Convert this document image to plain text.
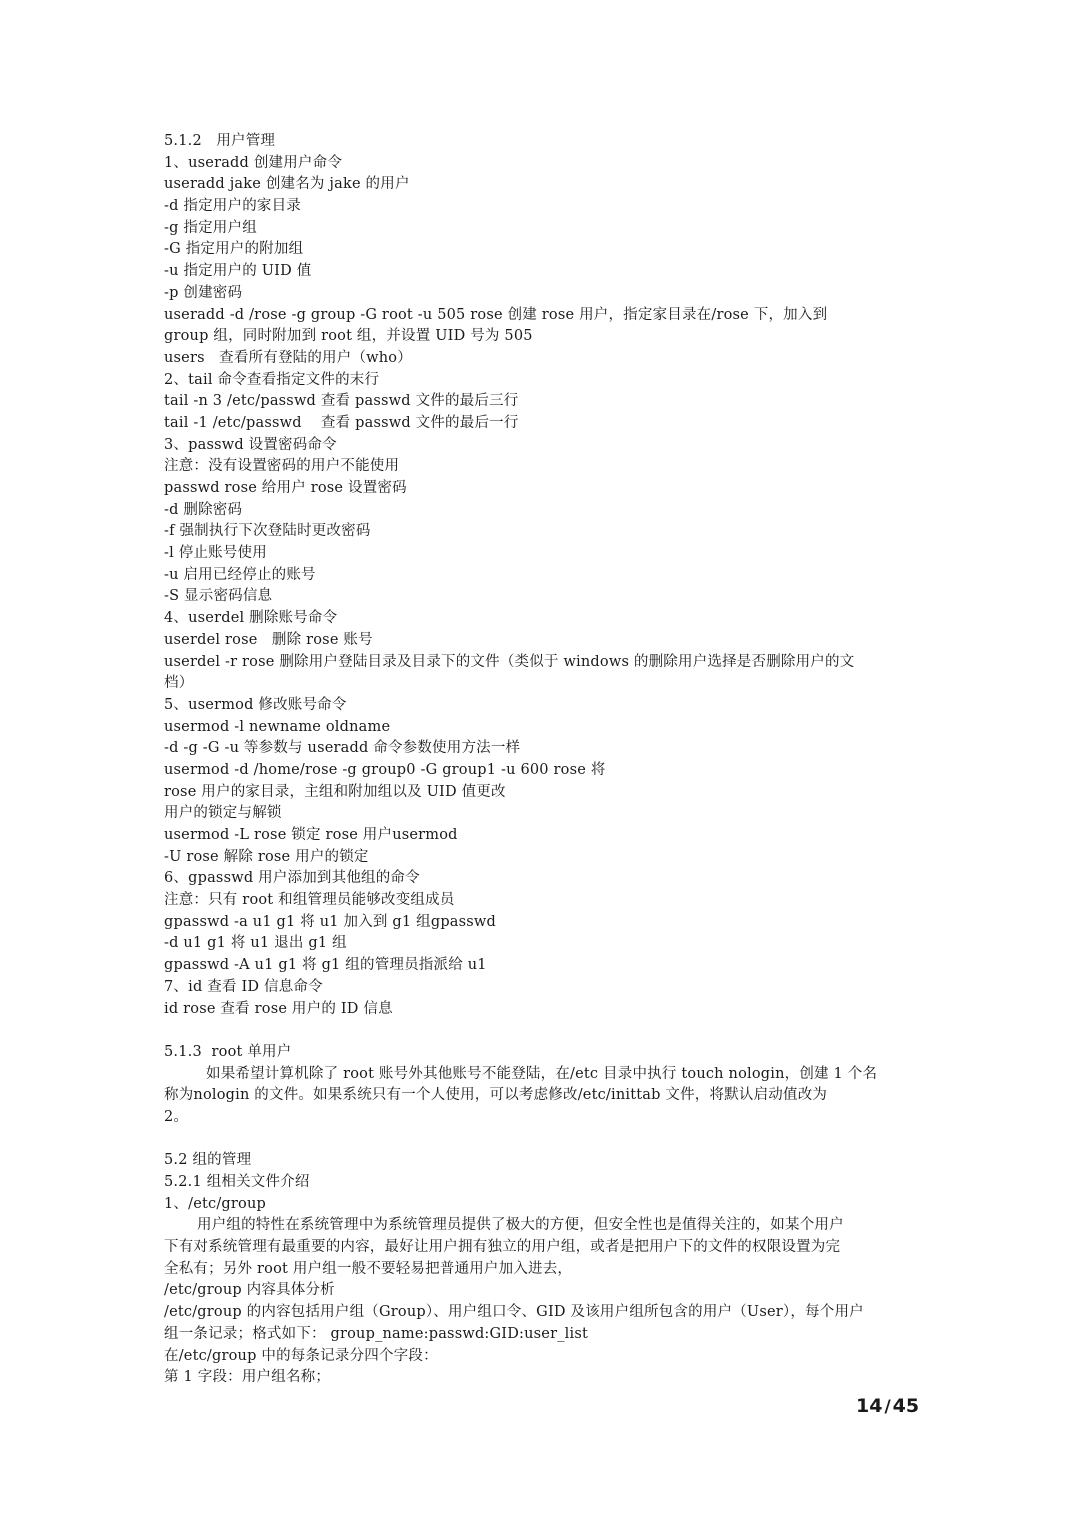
5.1.2   用户管理
1、useradd 创建用户命令
useradd jake 创建名为 jake 的用户
-d 指定用户的家目录
-g 指定用户组
-G 指定用户的附加组
-u 指定用户的 UID 值
-p 创建密码
useradd -d /rose -g group -G root -u 505 rose 创建 rose 用户，指定家目录在/rose 下，加入到
group 组，同时附加到 root 组，并设置 UID 号为 505
users   查看所有登陆的用户（who）
2、tail 命令查看指定文件的末行
tail -n 3 /etc/passwd 查看 passwd 文件的最后三行
tail -1 /etc/passwd    查看 passwd 文件的最后一行
3、passwd 设置密码命令
注意：没有设置密码的用户不能使用
passwd rose 给用户 rose 设置密码
-d 删除密码
-f 强制执行下次登陆时更改密码
-l 停止账号使用
-u 启用已经停止的账号
-S 显示密码信息
4、userdel 删除账号命令
userdel rose   删除 rose 账号
userdel -r rose 删除用户登陆目录及目录下的文件（类似于 windows 的删除用户选择是否删除用户的文
档）
5、usermod 修改账号命令
usermod -l newname oldname
-d -g -G -u 等参数与 useradd 命令参数使用方法一样
usermod -d /home/rose -g group0 -G group1 -u 600 rose 将
rose 用户的家目录，主组和附加组以及 UID 值更改
用户的锁定与解锁
usermod -L rose 锁定 rose 用户usermod
-U rose 解除 rose 用户的锁定
6、gpasswd 用户添加到其他组的命令
注意：只有 root 和组管理员能够改变组成员
gpasswd -a u1 g1 将 u1 加入到 g1 组gpasswd
-d u1 g1 将 u1 退出 g1 组
gpasswd -A u1 g1 将 g1 组的管理员指派给 u1
7、id 查看 ID 信息命令
id rose 查看 rose 用户的 ID 信息
5.1.3  root 单用户
如果希望计算机除了 root 账号外其他账号不能登陆，在/etc 目录中执行 touch nologin，创建 1 个名
称为nologin 的文件。如果系统只有一个人使用，可以考虑修改/etc/inittab 文件，将默认启动值改为
2。
5.2 组的管理
5.2.1 组相关文件介绍
1、/etc/group
用户组的特性在系统管理中为系统管理员提供了极大的方便，但安全性也是值得关注的，如某个用户
下有对系统管理有最重要的内容，最好让用户拥有独立的用户组，或者是把用户下的文件的权限设置为完
全私有；另外 root 用户组一般不要轻易把普通用户加入进去，
/etc/group 内容具体分析
/etc/group 的内容包括用户组（Group）、用户组口令、GID 及该用户组所包含的用户（User），每个用户
组一条记录；格式如下： group_name:passwd:GID:user_list
在/etc/group 中的每条记录分四个字段：
第 1 字段：用户组名称；
14 / 45
